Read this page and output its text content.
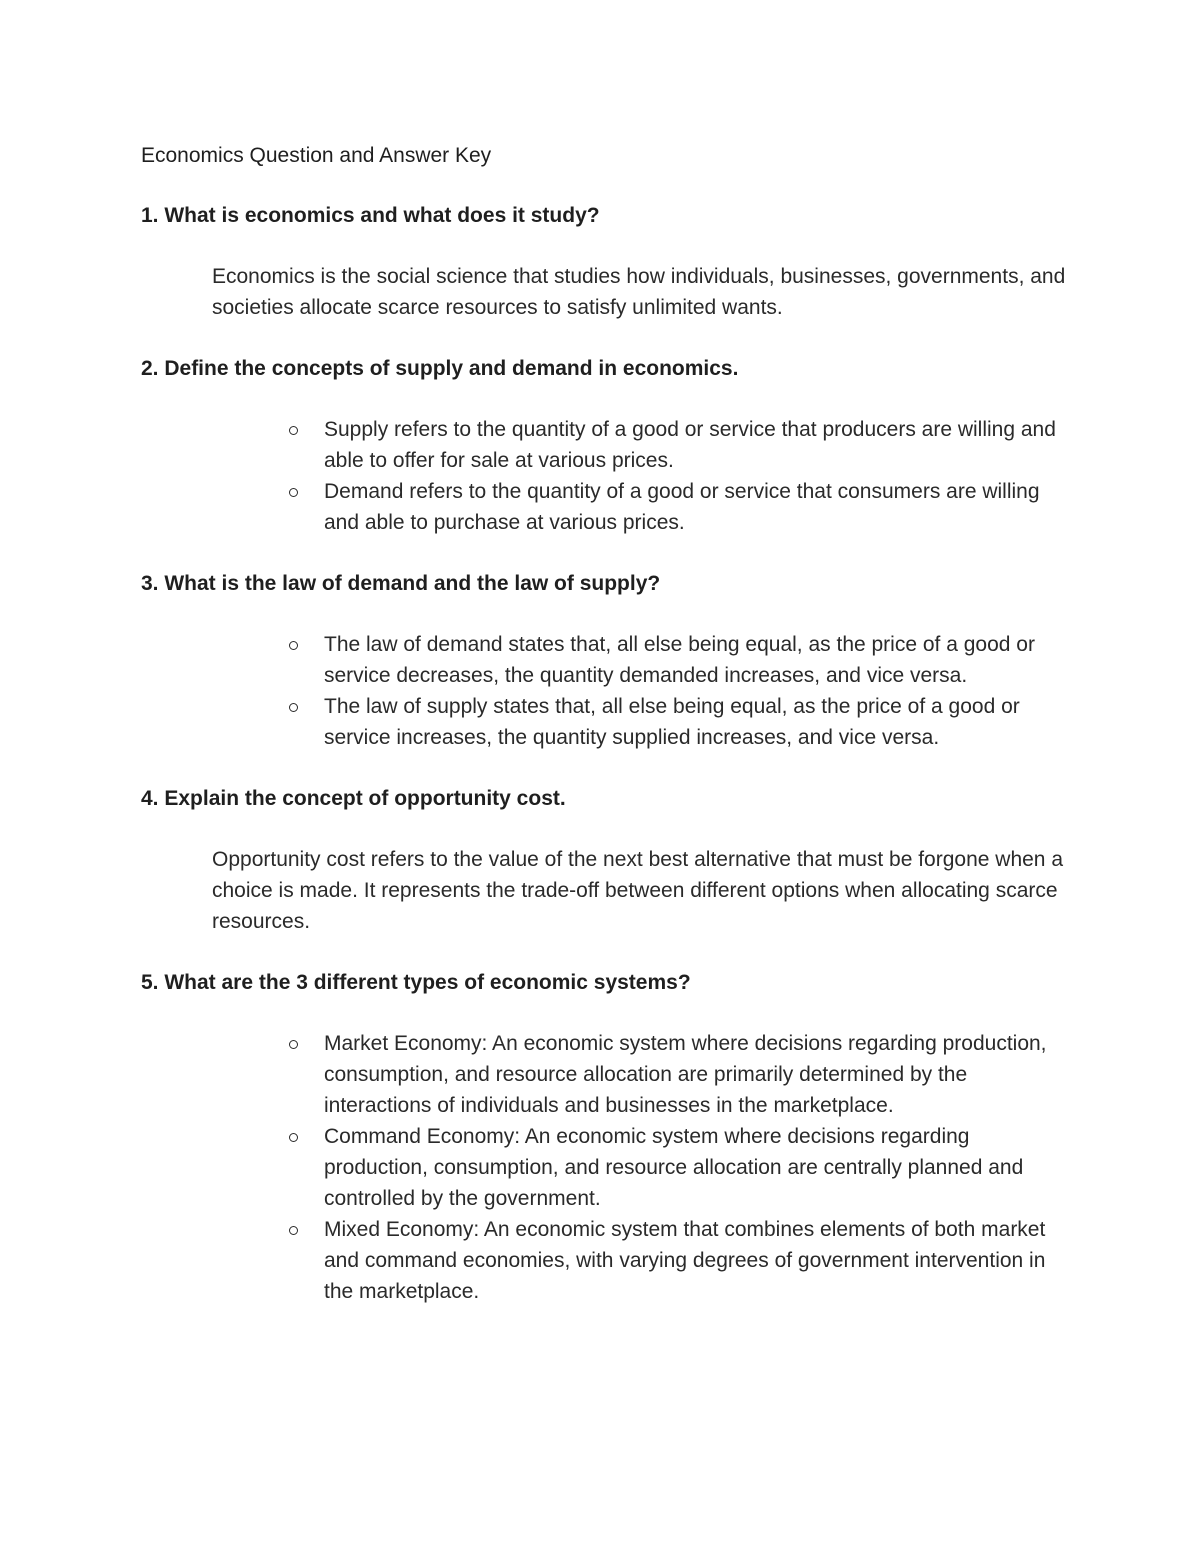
Economics Question and Answer Key
1. What is economics and what does it study?
Economics is the social science that studies how individuals, businesses, governments, and societies allocate scarce resources to satisfy unlimited wants.
2. Define the concepts of supply and demand in economics.
Supply refers to the quantity of a good or service that producers are willing and able to offer for sale at various prices.
Demand refers to the quantity of a good or service that consumers are willing and able to purchase at various prices.
3. What is the law of demand and the law of supply?
The law of demand states that, all else being equal, as the price of a good or service decreases, the quantity demanded increases, and vice versa.
The law of supply states that, all else being equal, as the price of a good or service increases, the quantity supplied increases, and vice versa.
4. Explain the concept of opportunity cost.
Opportunity cost refers to the value of the next best alternative that must be forgone when a choice is made. It represents the trade-off between different options when allocating scarce resources.
5. What are the 3 different types of economic systems?
Market Economy: An economic system where decisions regarding production, consumption, and resource allocation are primarily determined by the interactions of individuals and businesses in the marketplace.
Command Economy: An economic system where decisions regarding production, consumption, and resource allocation are centrally planned and controlled by the government.
Mixed Economy: An economic system that combines elements of both market and command economies, with varying degrees of government intervention in the marketplace.
